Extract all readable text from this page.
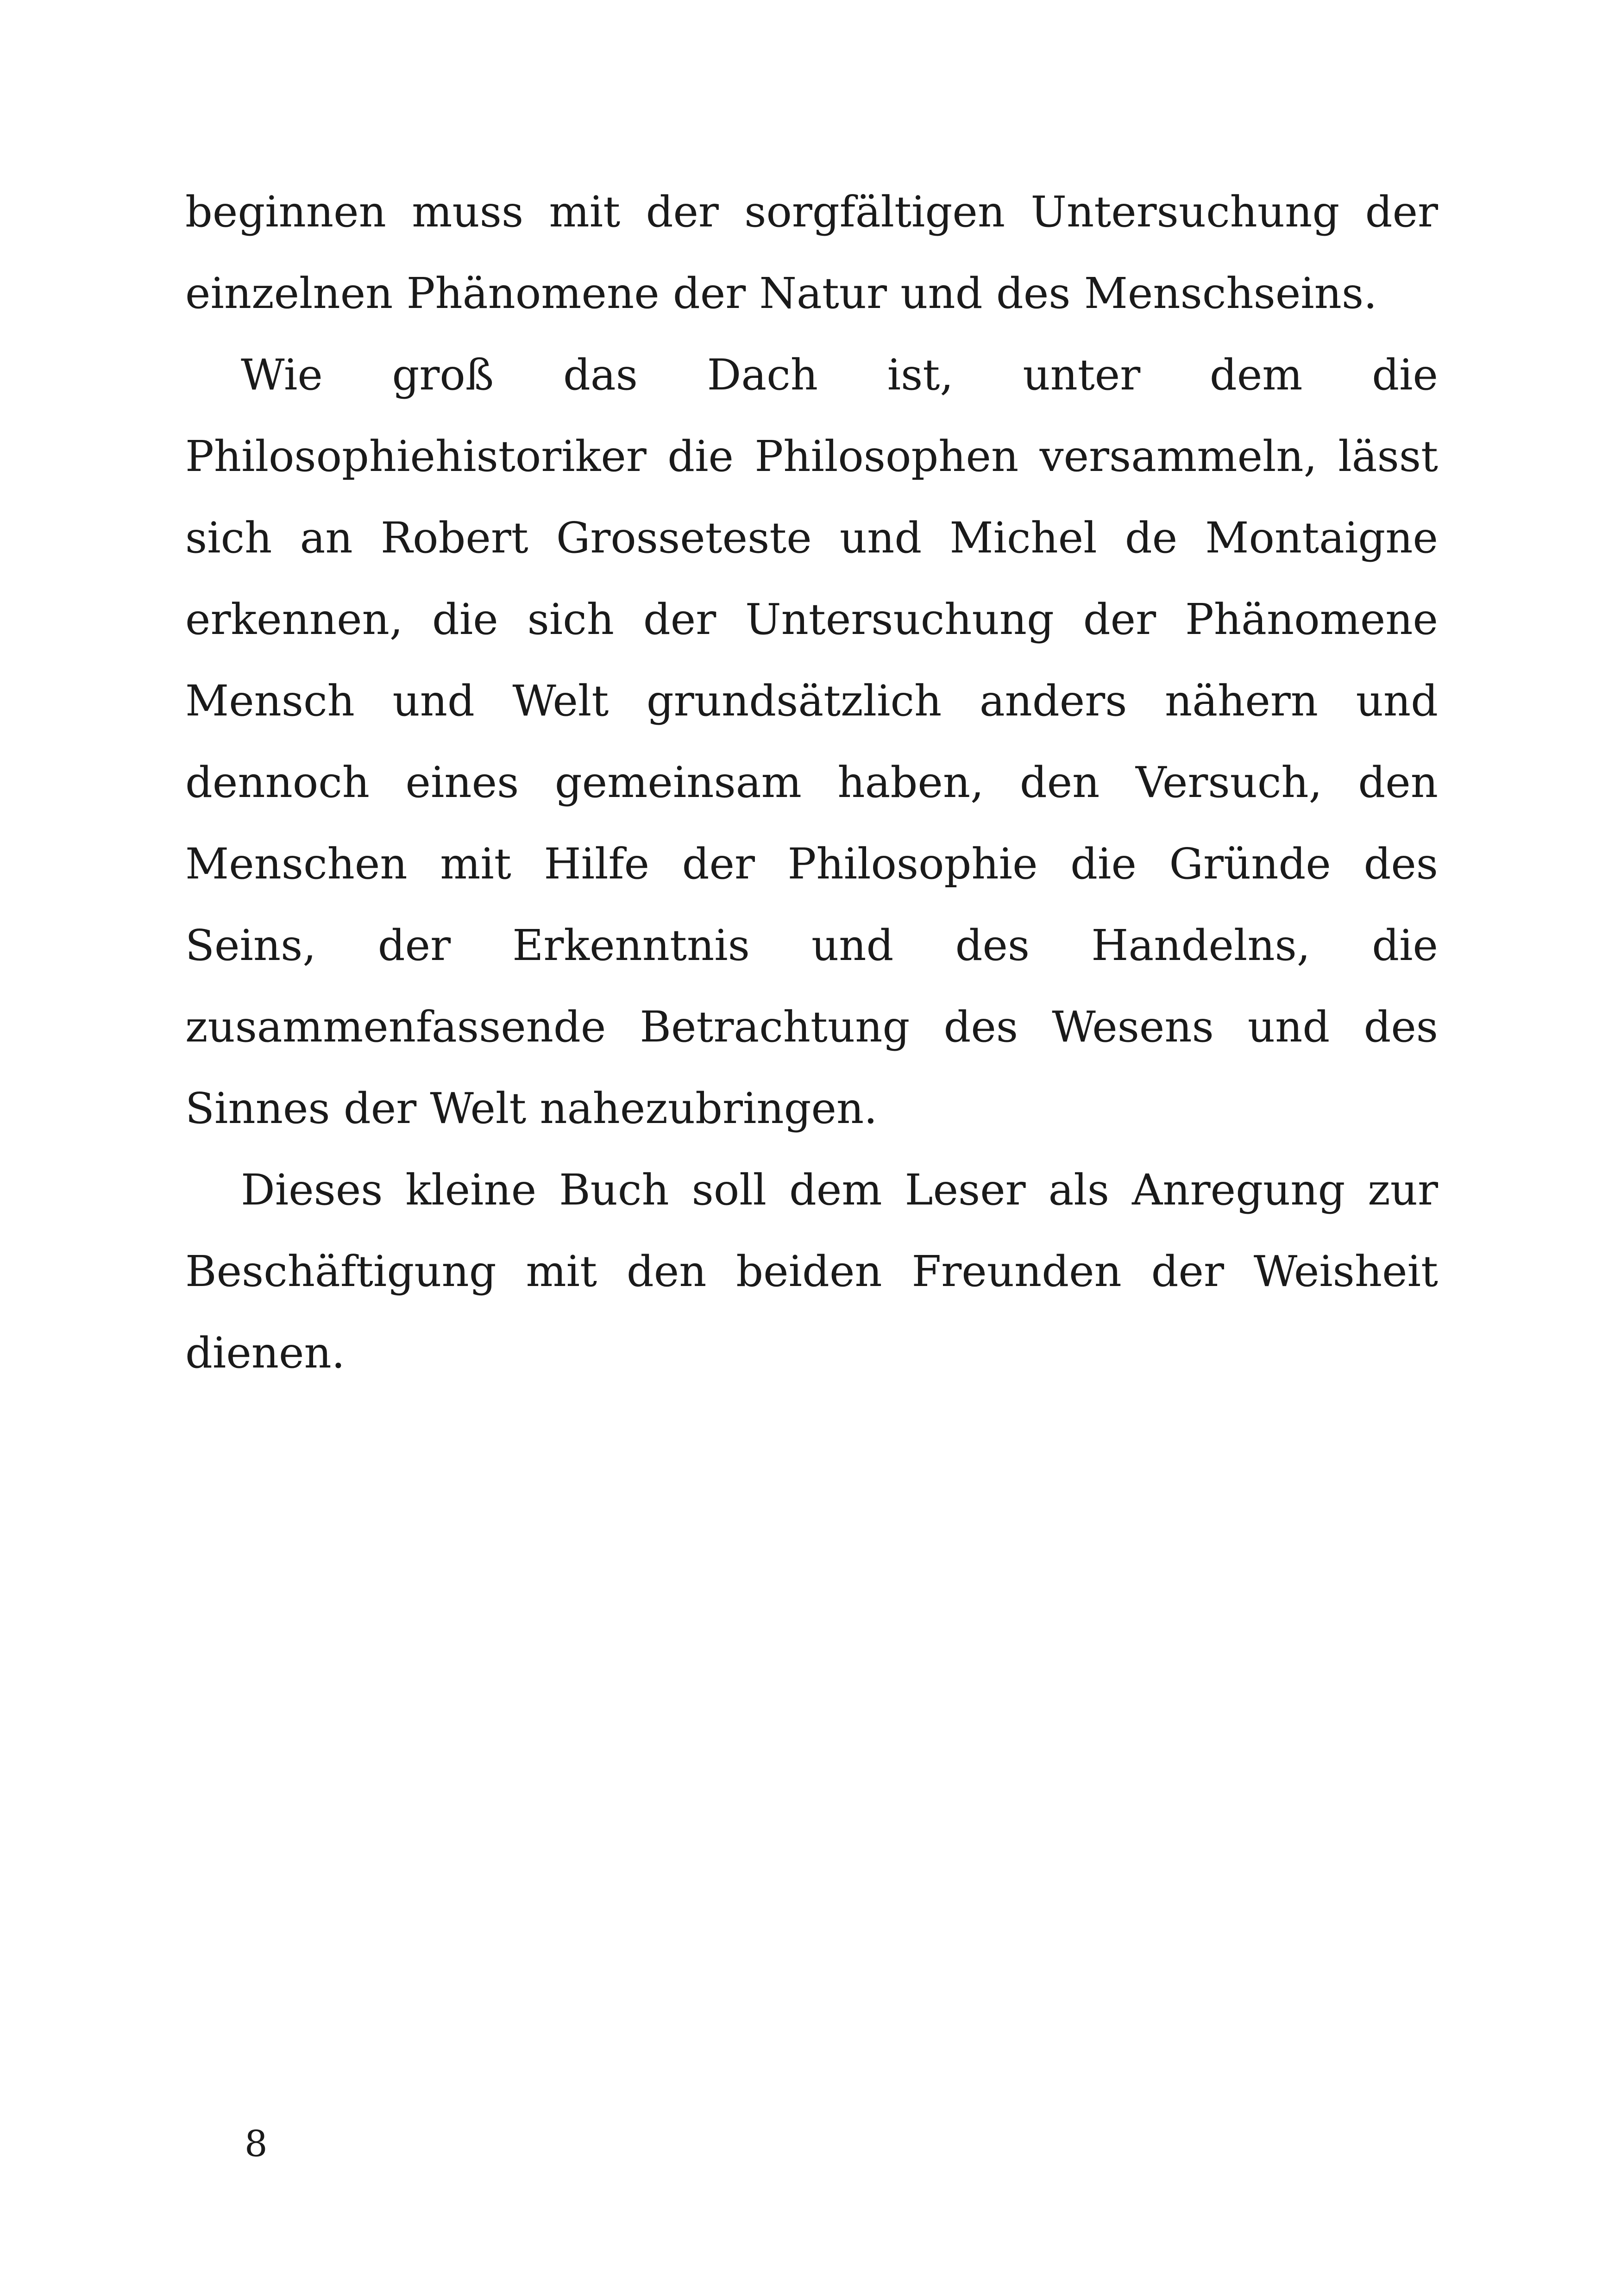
beginnen muss mit der sorgfältigen Untersuchung der einzelnen Phänomene der Natur und des Menschseins.

Wie groß das Dach ist, unter dem die Philosophiehistoriker die Philosophen versammeln, lässt sich an Robert Grosseteste und Michel de Montaigne erkennen, die sich der Untersuchung der Phänomene Mensch und Welt grundsätzlich anders nähern und dennoch eines gemeinsam haben, den Versuch, den Menschen mit Hilfe der Philosophie die Gründe des Seins, der Erkenntnis und des Handelns, die zusammenfassende Betrachtung des Wesens und des Sinnes der Welt nahezubringen.

Dieses kleine Buch soll dem Leser als Anregung zur Beschäftigung mit den beiden Freunden der Weisheit dienen.

8
